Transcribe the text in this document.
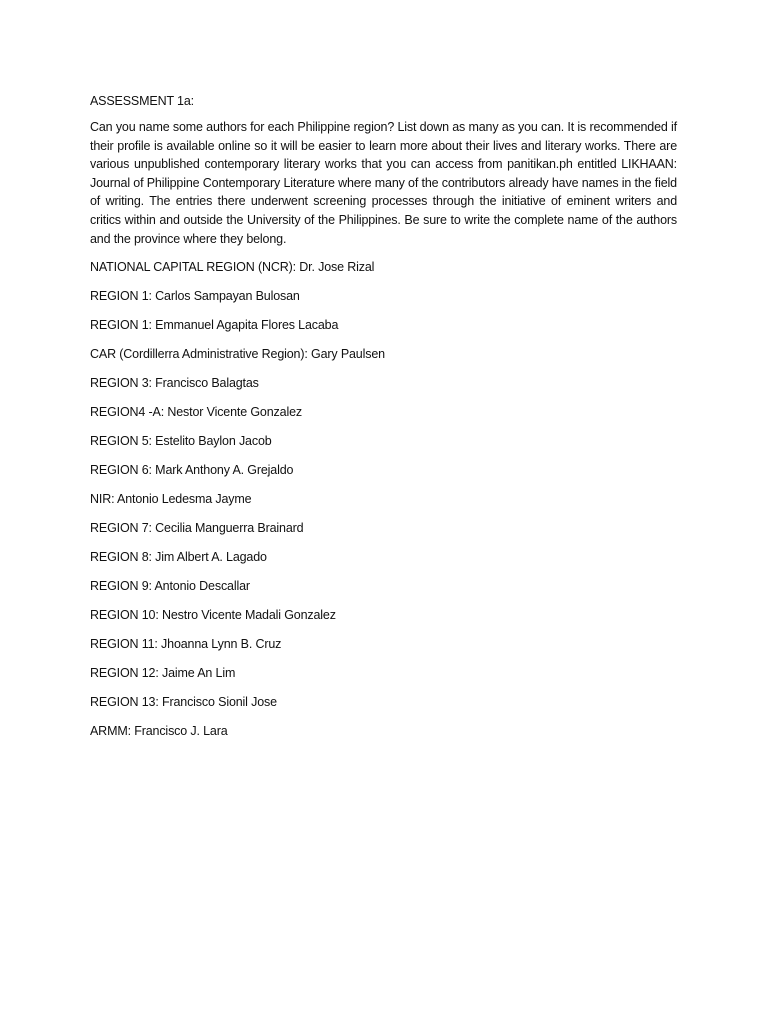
ASSESSMENT 1a:

Can you name some authors for each Philippine region? List down as many as you can. It is recommended if their profile is available online so it will be easier to learn more about their lives and literary works. There are various unpublished contemporary literary works that you can access from panitikan.ph entitled LIKHAAN: Journal of Philippine Contemporary Literature where many of the contributors already have names in the field of writing. The entries there underwent screening processes through the initiative of eminent writers and critics within and outside the University of the Philippines. Be sure to write the complete name of the authors and the province where they belong.

NATIONAL CAPITAL REGION (NCR): Dr. Jose Rizal
REGION 1: Carlos Sampayan Bulosan
REGION 1: Emmanuel Agapita Flores Lacaba
CAR (Cordillerra Administrative Region): Gary Paulsen
REGION 3: Francisco Balagtas
REGION4 -A: Nestor Vicente Gonzalez
REGION 5: Estelito Baylon Jacob
REGION 6: Mark Anthony A. Grejaldo
NIR: Antonio Ledesma Jayme
REGION 7: Cecilia Manguerra Brainard
REGION 8: Jim Albert A. Lagado
REGION 9: Antonio Descallar
REGION 10: Nestro Vicente Madali Gonzalez
REGION 11: Jhoanna Lynn B. Cruz
REGION 12: Jaime An Lim
REGION 13: Francisco Sionil Jose
ARMM: Francisco J. Lara
